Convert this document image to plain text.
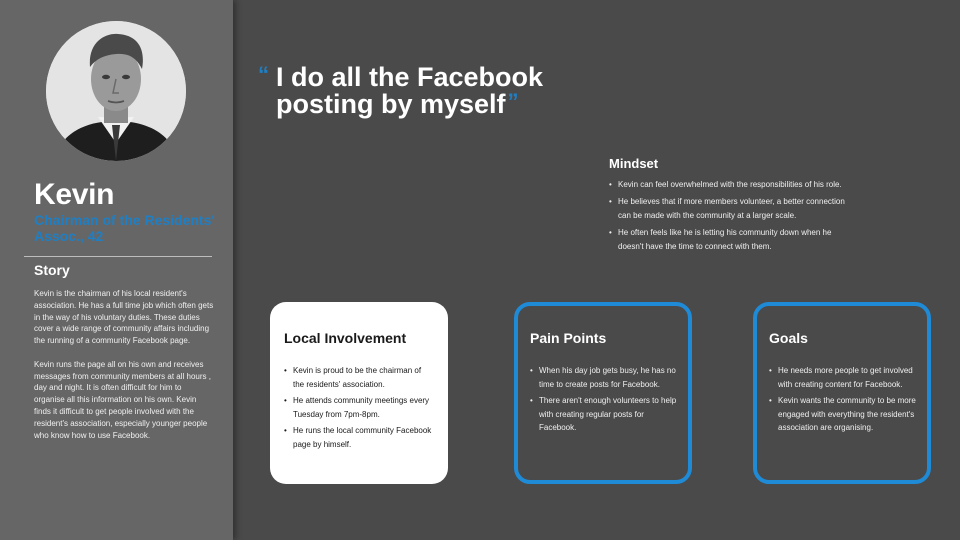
Kevin
Chairman of the Residents' Assoc., 42
Story

Kevin is the chairman of his local resident's association. He has a full time job which often gets in the way of his voluntary duties. These duties cover a wide range of community affairs including the running of a community Facebook page.

Kevin runs the page all on his own and receives messages from community members at all hours , day and night. It is often difficult for him to organise all this information on his own. Kevin finds it difficult to get people involved with the resident's association, especially younger people who know how to use Facebook.

“ I do all the Facebook posting by myself”
Mindset
• Kevin can feel overwhelmed with the responsibilities of his role.
• He believes that if more members volunteer, a better connection can be made with the community at a larger scale.
• He often feels like he is letting his community down when he doesn't have the time to connect with them.
Local Involvement
• Kevin is proud to be the chairman of the residents' association.
• He attends community meetings every Tuesday from 7pm-8pm.
• He runs the local community Facebook page by himself.
Pain Points
• When his day job gets busy, he has no time to create posts for Facebook.
• There aren't enough volunteers to help with creating regular posts for Facebook.
Goals
• He needs more people to get involved with creating content for Facebook.
• Kevin wants the community to be more engaged with everything the resident's association are organising.
